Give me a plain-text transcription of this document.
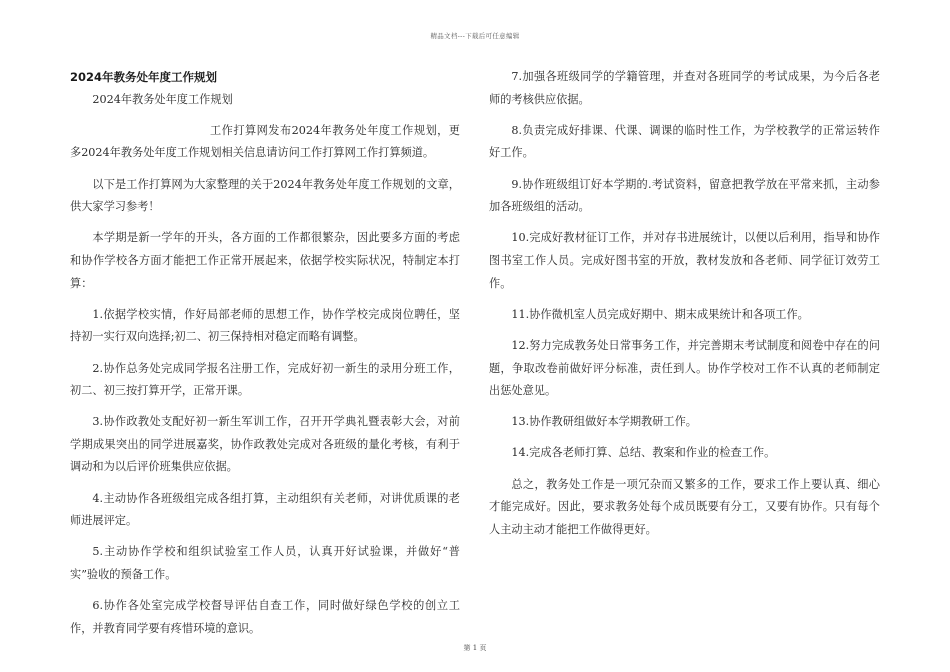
精品文档---下载后可任意编辑
2024年教务处年度工作规划

2024年教务处年度工作规划

工作打算网发布2024年教务处年度工作规划，更多2024年教务处年度工作规划相关信息请访问工作打算网工作打算频道。

以下是工作打算网为大家整理的关于2024年教务处年度工作规划的文章，供大家学习参考！

本学期是新一学年的开头，各方面的工作都很繁杂，因此要多方面的考虑和协作学校各方面才能把工作正常开展起来，依据学校实际状况，特制定本打算：

1.依据学校实情，作好局部老师的思想工作，协作学校完成岗位聘任，坚持初一实行双向选择;初二、初三保持相对稳定而略有调整。

2.协作总务处完成同学报名注册工作，完成好初一新生的录用分班工作，初二、初三按打算开学，正常开课。

3.协作政教处支配好初一新生军训工作，召开开学典礼暨表彰大会，对前学期成果突出的同学进展嘉奖，协作政教处完成对各班级的量化考核，有利于调动和为以后评价班集供应依据。

4.主动协作各班级组完成各组打算，主动组织有关老师，对讲优质课的老师进展评定。

5.主动协作学校和组织试验室工作人员，认真开好试验课，并做好“普实”验收的预备工作。

6.协作各处室完成学校督导评估自查工作，同时做好绿色学校的创立工作，并教育同学要有疼惜环境的意识。

7.加强各班级同学的学籍管理，并查对各班同学的考试成果，为今后各老师的考核供应依据。

8.负责完成好排课、代课、调课的临时性工作，为学校教学的正常运转作好工作。

9.协作班级组订好本学期的.考试资料，留意把教学放在平常来抓，主动参加各班级组的活动。

10.完成好教材征订工作，并对存书进展统计，以便以后利用，指导和协作图书室工作人员。完成好图书室的开放，教材发放和各老师、同学征订效劳工作。

11.协作微机室人员完成好期中、期末成果统计和各项工作。

12.努力完成教务处日常事务工作，并完善期末考试制度和阅卷中存在的问题，争取改卷前做好评分标准，责任到人。协作学校对工作不认真的老师制定出惩处意见。

13.协作教研组做好本学期教研工作。

14.完成各老师打算、总结、教案和作业的检查工作。

总之，教务处工作是一项冗杂而又繁多的工作，要求工作上要认真、细心才能完成好。因此，要求教务处每个成员既要有分工，又要有协作。只有每个人主动主动才能把工作做得更好。

第 1 页
